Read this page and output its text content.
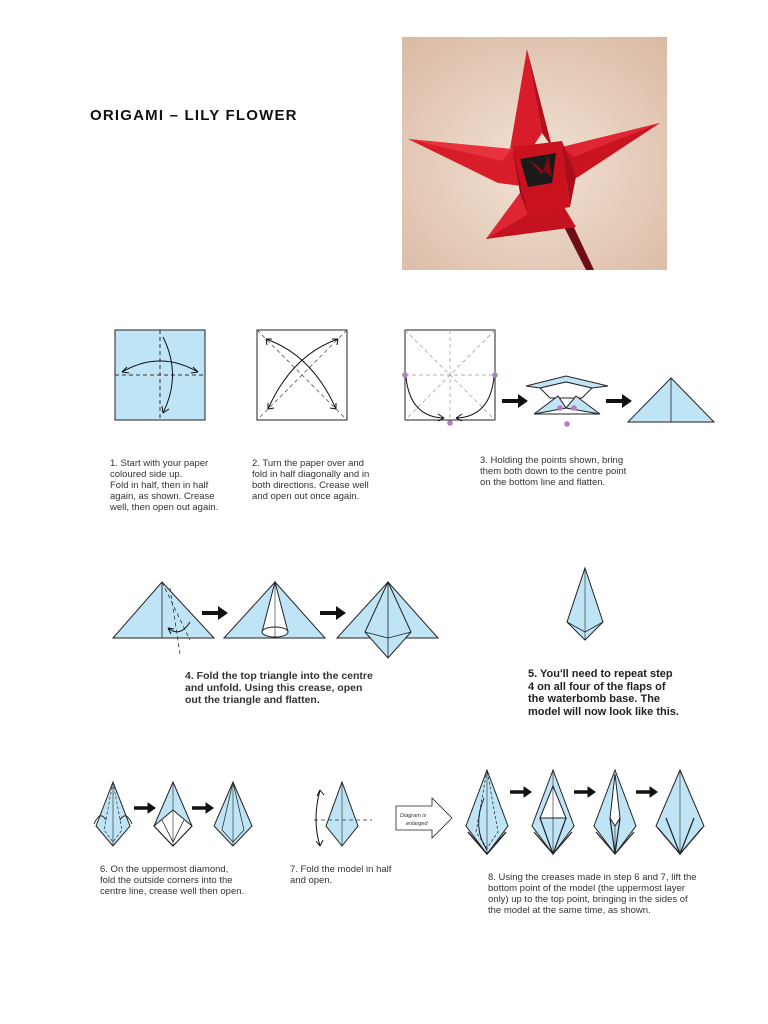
ORIGAMI – LILY FLOWER
1. Start with your paper
coloured side up.
Fold in half, then in half
again, as shown. Crease
well, then open out again.
2. Turn the paper over and
fold in half diagonally and in
both directions. Crease well
and open out once again.
3. Holding the points shown, bring
them both down to the centre point
on the bottom line and flatten.
4. Fold the top triangle into the centre
and unfold. Using this crease, open
out the triangle and flatten.
5. You'll need to repeat step
4 on all four of the flaps of
the waterbomb base. The
model will now look like this.
Diagram is
enlarged
6. On the uppermost diamond,
fold the outside corners into the
centre line, crease well then open.
7. Fold the model in half
and open.	8. Using the creases made in step 6 and 7, lift the
bottom point of the model (the uppermost layer
only) up to the top point, bringing in the sides of
the model at the same time, as shown.
